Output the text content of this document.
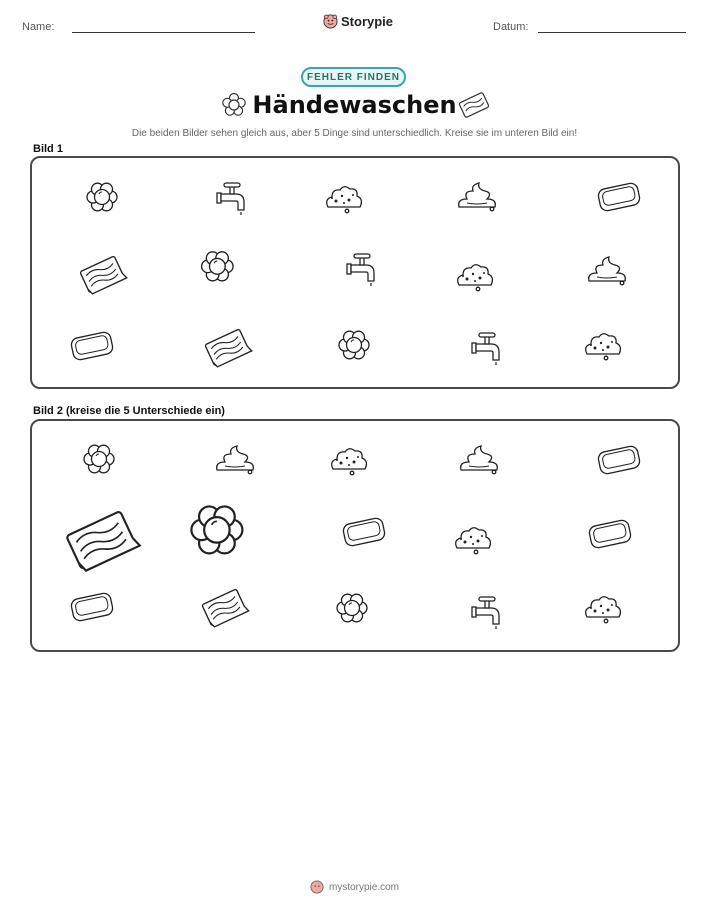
Name:	Storypie	Datum:
FEHLER FINDEN
Händewaschen
Die beiden Bilder sehen gleich aus, aber 5 Dinge sind unterschiedlich. Kreise sie im unteren Bild ein!
Bild 1
Bild 2 (kreise die 5 Unterschiede ein)
mystorypie.com
